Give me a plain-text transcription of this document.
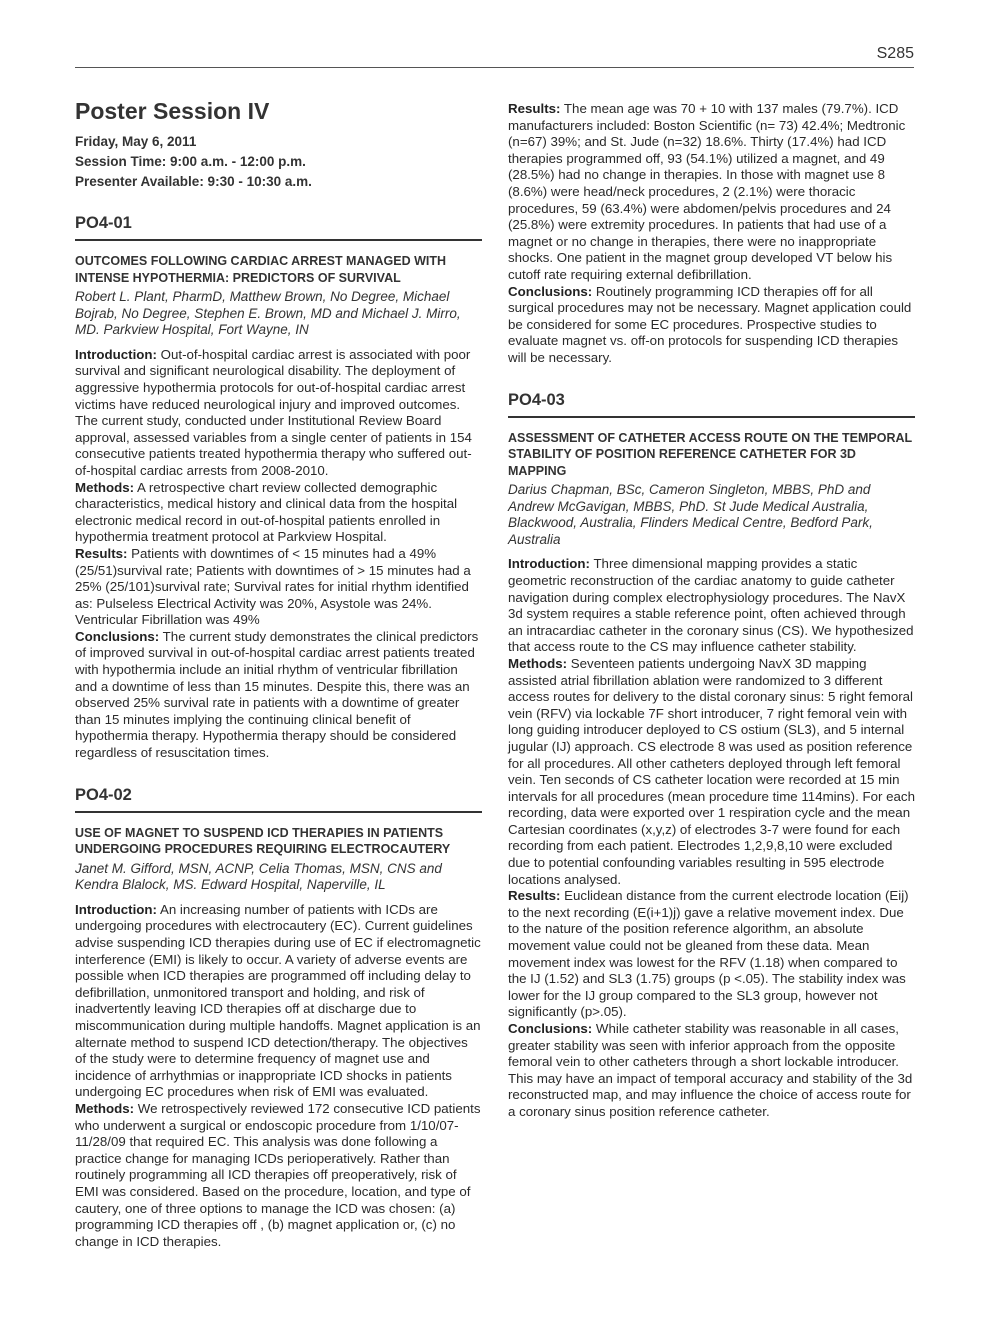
S285
Poster Session IV
Friday, May 6, 2011
Session Time: 9:00 a.m. - 12:00 p.m.
Presenter Available: 9:30 - 10:30 a.m.
PO4-01
OUTCOMES FOLLOWING CARDIAC ARREST MANAGED WITH INTENSE HYPOTHERMIA: PREDICTORS OF SURVIVAL
Robert L. Plant, PharmD, Matthew Brown, No Degree, Michael Bojrab, No Degree, Stephen E. Brown, MD and Michael J. Mirro, MD. Parkview Hospital, Fort Wayne, IN

Introduction: Out-of-hospital cardiac arrest is associated with poor survival and significant neurological disability. The deployment of aggressive hypothermia protocols for out-of-hospital cardiac arrest victims have reduced neurological injury and improved outcomes. The current study, conducted under Institutional Review Board approval, assessed variables from a single center of patients in 154 consecutive patients treated hypothermia therapy who suffered out-of-hospital cardiac arrests from 2008-2010.

Methods: A retrospective chart review collected demographic characteristics, medical history and clinical data from the hospital electronic medical record in out-of-hospital patients enrolled in hypothermia treatment protocol at Parkview Hospital.

Results: Patients with downtimes of < 15 minutes had a 49% (25/51)survival rate; Patients with downtimes of > 15 minutes had a 25% (25/101)survival rate; Survival rates for initial rhythm identified as: Pulseless Electrical Activity was 20%, Asystole was 24%. Ventricular Fibrillation was 49%

Conclusions: The current study demonstrates the clinical predictors of improved survival in out-of-hospital cardiac arrest patients treated with hypothermia include an initial rhythm of ventricular fibrillation and a downtime of less than 15 minutes. Despite this, there was an observed 25% survival rate in patients with a downtime of greater than 15 minutes implying the continuing clinical benefit of hypothermia therapy. Hypothermia therapy should be considered regardless of resuscitation times.

PO4-02
USE OF MAGNET TO SUSPEND ICD THERAPIES IN PATIENTS UNDERGOING PROCEDURES REQUIRING ELECTROCAUTERY
Janet M. Gifford, MSN, ACNP, Celia Thomas, MSN, CNS and Kendra Blalock, MS. Edward Hospital, Naperville, IL

Introduction: An increasing number of patients with ICDs are undergoing procedures with electrocautery (EC). Current guidelines advise suspending ICD therapies during use of EC if electromagnetic interference (EMI) is likely to occur. A variety of adverse events are possible when ICD therapies are programmed off including delay to defibrillation, unmonitored transport and holding, and risk of inadvertently leaving ICD therapies off at discharge due to miscommunication during multiple handoffs. Magnet application is an alternate method to suspend ICD detection/therapy. The objectives of the study were to determine frequency of magnet use and incidence of arrhythmias or inappropriate ICD shocks in patients undergoing EC procedures when risk of EMI was evaluated.

Methods: We retrospectively reviewed 172 consecutive ICD patients who underwent a surgical or endoscopic procedure from 1/10/07-11/28/09 that required EC. This analysis was done following a practice change for managing ICDs perioperatively. Rather than routinely programming all ICD therapies off preoperatively, risk of EMI was considered. Based on the procedure, location, and type of cautery, one of three options to manage the ICD was chosen: (a) programming ICD therapies off , (b) magnet application or, (c) no change in ICD therapies.

Results: The mean age was 70 + 10 with 137 males (79.7%). ICD manufacturers included: Boston Scientific (n= 73) 42.4%; Medtronic (n=67) 39%; and St. Jude (n=32) 18.6%. Thirty (17.4%) had ICD therapies programmed off, 93 (54.1%) utilized a magnet, and 49 (28.5%) had no change in therapies. In those with magnet use 8 (8.6%) were head/neck procedures, 2 (2.1%) were thoracic procedures, 59 (63.4%) were abdomen/pelvis procedures and 24 (25.8%) were extremity procedures. In patients that had use of a magnet or no change in therapies, there were no inappropriate shocks. One patient in the magnet group developed VT below his cutoff rate requiring external defibrillation.

Conclusions: Routinely programming ICD therapies off for all surgical procedures may not be necessary. Magnet application could be considered for some EC procedures. Prospective studies to evaluate magnet vs. off-on protocols for suspending ICD therapies will be necessary.

PO4-03
ASSESSMENT OF CATHETER ACCESS ROUTE ON THE TEMPORAL STABILITY OF POSITION REFERENCE CATHETER FOR 3D MAPPING
Darius Chapman, BSc, Cameron Singleton, MBBS, PhD and Andrew McGavigan, MBBS, PhD. St Jude Medical Australia, Blackwood, Australia, Flinders Medical Centre, Bedford Park, Australia

Introduction: Three dimensional mapping provides a static geometric reconstruction of the cardiac anatomy to guide catheter navigation during complex electrophysiology procedures. The NavX 3d system requires a stable reference point, often achieved through an intracardiac catheter in the coronary sinus (CS). We hypothesized that access route to the CS may influence catheter stability.

Methods: Seventeen patients undergoing NavX 3D mapping assisted atrial fibrillation ablation were randomized to 3 different access routes for delivery to the distal coronary sinus: 5 right femoral vein (RFV) via lockable 7F short introducer, 7 right femoral vein with long guiding introducer deployed to CS ostium (SL3), and 5 internal jugular (IJ) approach. CS electrode 8 was used as position reference for all procedures. All other catheters deployed through left femoral vein. Ten seconds of CS catheter location were recorded at 15 min intervals for all procedures (mean procedure time 114mins). For each recording, data were exported over 1 respiration cycle and the mean Cartesian coordinates (x,y,z) of electrodes 3-7 were found for each recording from each patient. Electrodes 1,2,9,8,10 were excluded due to potential confounding variables resulting in 595 electrode locations analysed.

Results: Euclidean distance from the current electrode location (Eij) to the next recording (E(i+1)j) gave a relative movement index. Due to the nature of the position reference algorithm, an absolute movement value could not be gleaned from these data. Mean movement index was lowest for the RFV (1.18) when compared to the IJ (1.52) and SL3 (1.75) groups (p <.05). The stability index was lower for the IJ group compared to the SL3 group, however not significantly (p>.05).

Conclusions: While catheter stability was reasonable in all cases, greater stability was seen with inferior approach from the opposite femoral vein to other catheters through a short lockable introducer. This may have an impact of temporal accuracy and stability of the 3d reconstructed map, and may influence the choice of access route for a coronary sinus position reference catheter.
